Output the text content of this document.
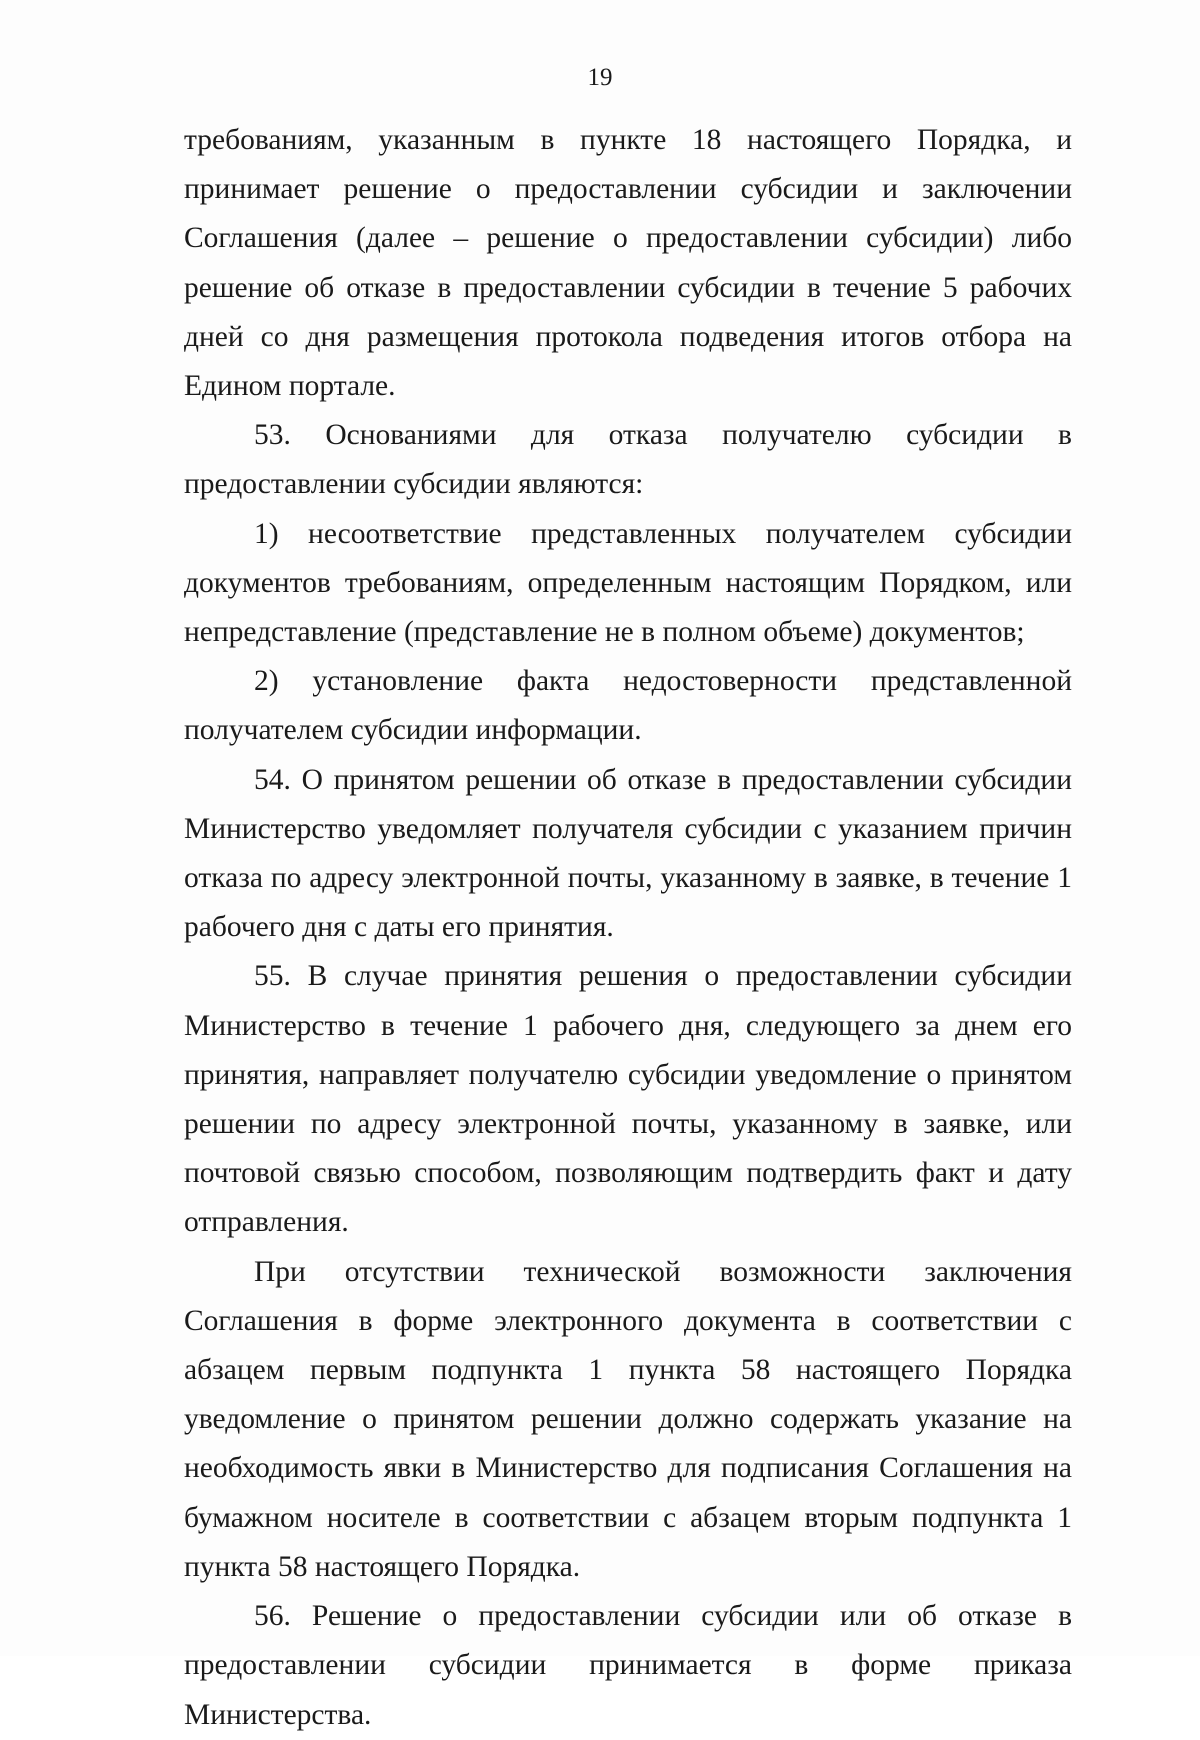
19

требованиям, указанным в пункте 18 настоящего Порядка, и принимает решение о предоставлении субсидии и заключении Соглашения (далее – решение о предоставлении субсидии) либо решение об отказе в предоставлении субсидии в течение 5 рабочих дней со дня размещения протокола подведения итогов отбора на Едином портале.

53. Основаниями для отказа получателю субсидии в предоставлении субсидии являются:

1) несоответствие представленных получателем субсидии документов требованиям, определенным настоящим Порядком, или непредставление (представление не в полном объеме) документов;

2) установление факта недостоверности представленной получателем субсидии информации.

54. О принятом решении об отказе в предоставлении субсидии Министерство уведомляет получателя субсидии с указанием причин отказа по адресу электронной почты, указанному в заявке, в течение 1 рабочего дня с даты его принятия.

55. В случае принятия решения о предоставлении субсидии Министерство в течение 1 рабочего дня, следующего за днем его принятия, направляет получателю субсидии уведомление о принятом решении по адресу электронной почты, указанному в заявке, или почтовой связью способом, позволяющим подтвердить факт и дату отправления.

При отсутствии технической возможности заключения Соглашения в форме электронного документа в соответствии с абзацем первым подпункта 1 пункта 58 настоящего Порядка уведомление о принятом решении должно содержать указание на необходимость явки в Министерство для подписания Соглашения на бумажном носителе в соответствии с абзацем вторым подпункта 1 пункта 58 настоящего Порядка.

56. Решение о предоставлении субсидии или об отказе в предоставлении субсидии принимается в форме приказа Министерства.
